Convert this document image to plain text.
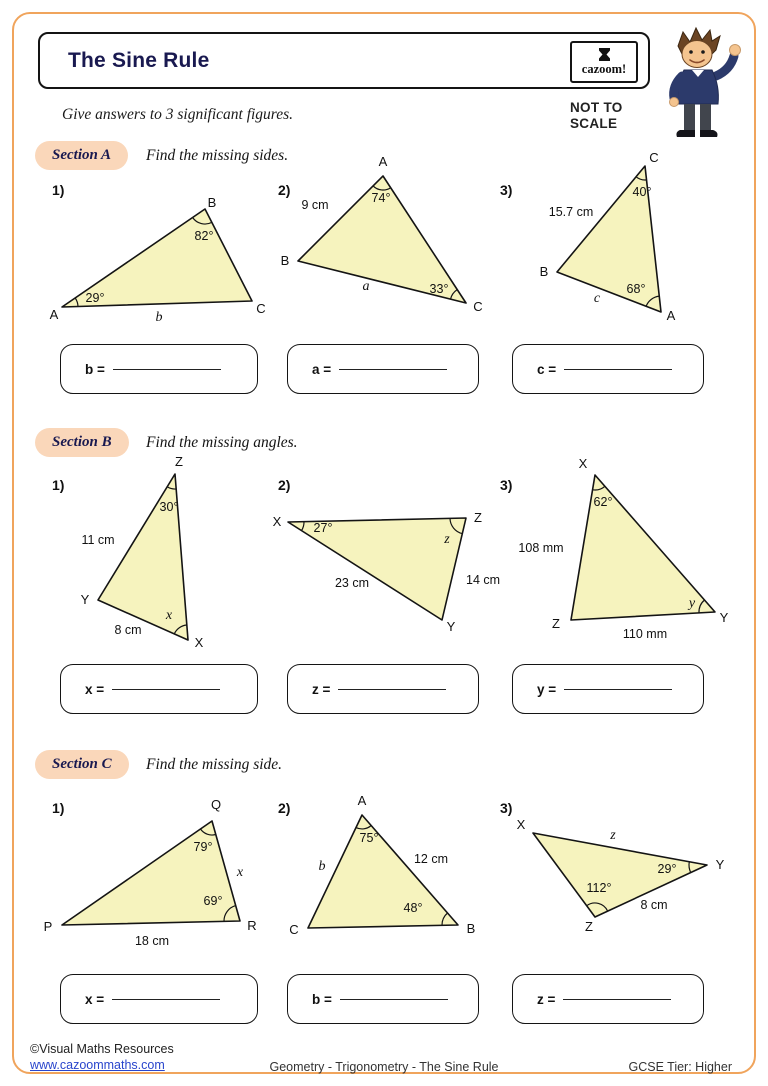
The Sine Rule	cazoom!
Give answers to 3 significant figures.	NOT TO
SCALE
Section A	Find the missing sides.
1)	2)	3)
A
B
C
82°
29°
b
A
B
C
74°
9 cm
33°
a
C
B
A
40°
15.7 cm
68°
c
b =	a =	c =
Section B	Find the missing angles.
1)	2)	3)
Z
Y
X
30°
11 cm
8 cm
x
X	Z
Y
27°
z
23 cm	14 cm
X
Z	Y
62°
108 mm
110 mm
y
x =	z =	y =
Section C	Find the missing side.
1)	2)	3)
Q
P	R
79°
x
69°
18 cm
A
C	B
75°
b	12 cm
48°
X
Y
Z
z
29°
112°
8 cm
x =	b =	z =
©Visual Maths Resources
www.cazoommaths.com	Geometry - Trigonometry - The Sine Rule	GCSE Tier: Higher
